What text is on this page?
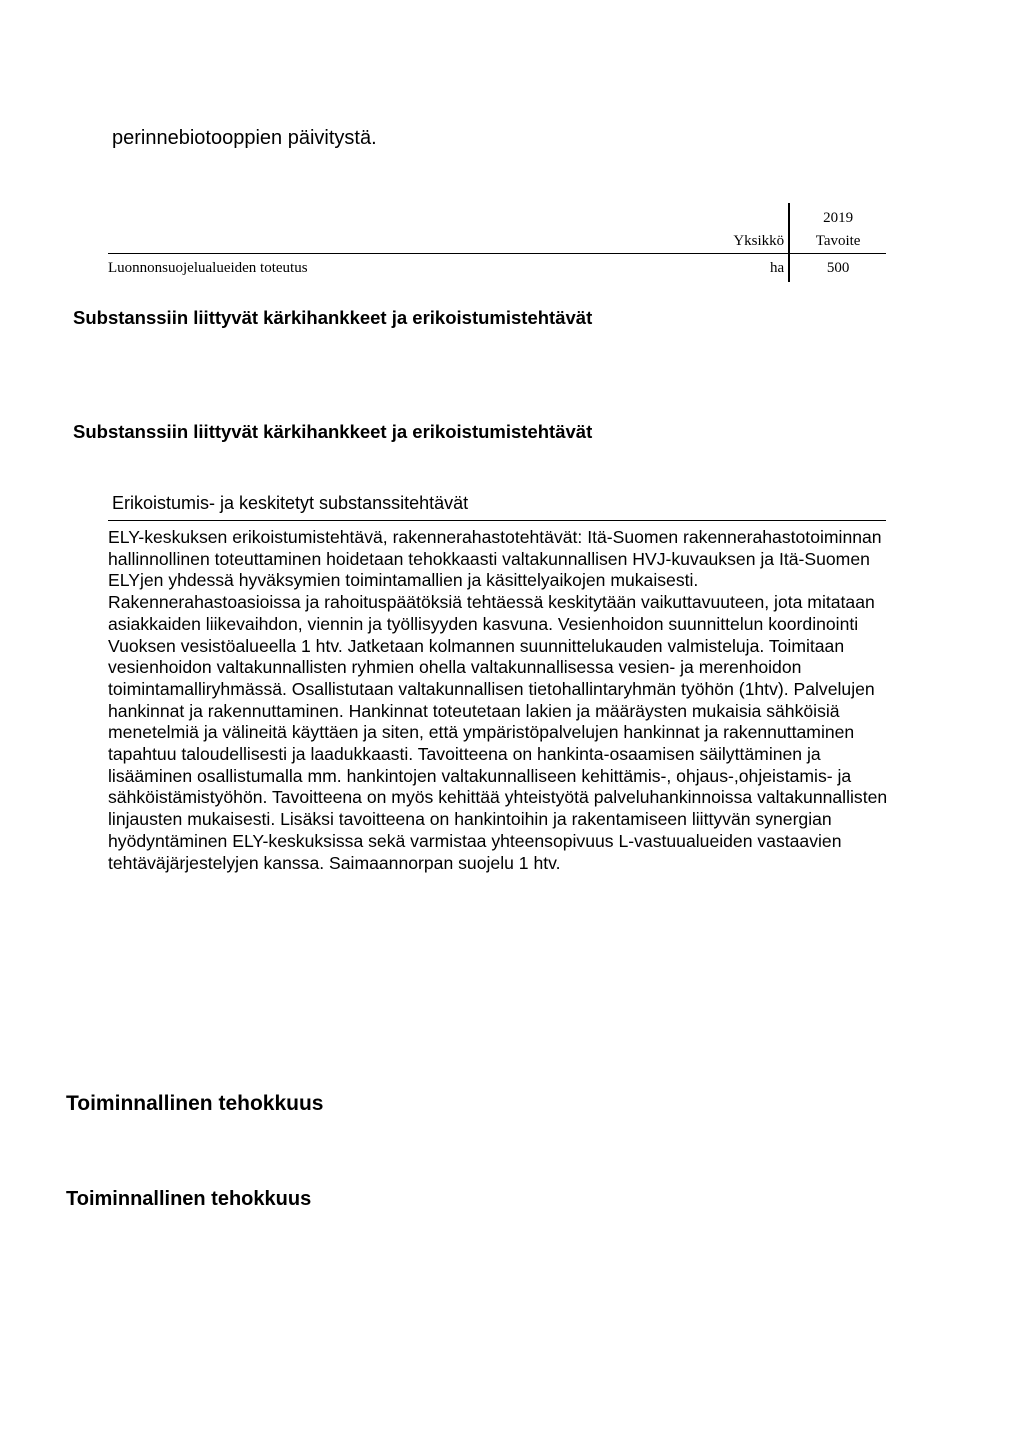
perinnebiotooppien päivitystä.
		2019
	Yksikkö	Tavoite
Luonnonsuojelualueiden toteutus	ha	500
Substanssiin liittyvät kärkihankkeet ja erikoistumistehtävät
Substanssiin liittyvät kärkihankkeet ja erikoistumistehtävät
Erikoistumis- ja keskitetyt substanssitehtävät
ELY-keskuksen erikoistumistehtävä, rakennerahastotehtävät: Itä-Suomen rakennerahastotoiminnan hallinnollinen toteuttaminen hoidetaan tehokkaasti valtakunnallisen HVJ-kuvauksen ja Itä-Suomen ELYjen yhdessä hyväksymien toimintamallien ja käsittelyaikojen mukaisesti. Rakennerahastoasioissa ja rahoituspäätöksiä tehtäessä keskitytään vaikuttavuuteen, jota mitataan asiakkaiden liikevaihdon, viennin ja työllisyyden kasvuna. Vesienhoidon suunnittelun koordinointi Vuoksen vesistöalueella 1 htv. Jatketaan kolmannen suunnittelukauden valmisteluja. Toimitaan vesienhoidon valtakunnallisten ryhmien ohella valtakunnallisessa vesien- ja merenhoidon toimintamalliryhmässä. Osallistutaan valtakunnallisen tietohallintaryhmän työhön (1htv). Palvelujen hankinnat ja rakennuttaminen. Hankinnat toteutetaan lakien ja määräysten mukaisia sähköisiä menetelmiä ja välineitä käyttäen ja siten, että ympäristöpalvelujen hankinnat ja rakennuttaminen tapahtuu taloudellisesti ja laadukkaasti. Tavoitteena on hankinta-osaamisen säilyttäminen ja lisääminen osallistumalla mm. hankintojen valtakunnalliseen kehittämis-, ohjaus-,ohjeistamis- ja sähköistämistyöhön. Tavoitteena on myös kehittää yhteistyötä palveluhankinnoissa valtakunnallisten linjausten mukaisesti. Lisäksi tavoitteena on hankintoihin ja rakentamiseen liittyvän synergian hyödyntäminen ELY-keskuksissa sekä varmistaa yhteensopivuus L-vastuualueiden vastaavien tehtäväjärjestelyjen kanssa. Saimaannorpan suojelu 1 htv.
Toiminnallinen tehokkuus
Toiminnallinen tehokkuus
